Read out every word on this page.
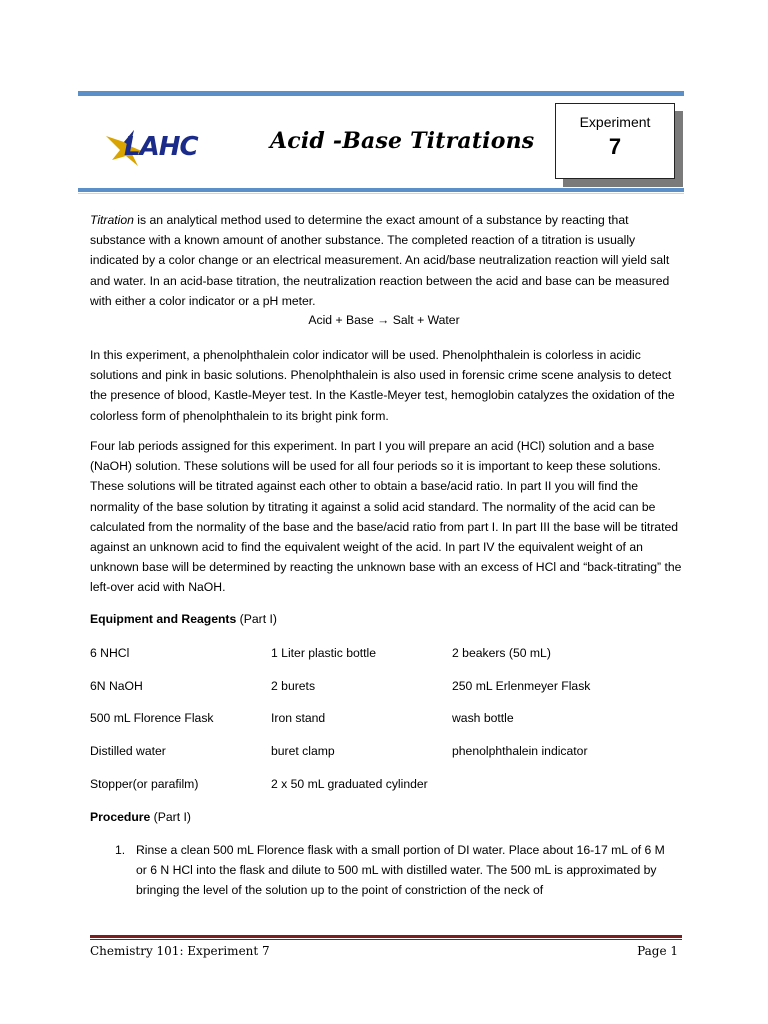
LAHC	Acid -Base Titrations
Experiment
7

Titration is an analytical method used to determine the exact amount of a substance by reacting that substance with a known amount of another substance. The completed reaction of a titration is usually indicated by a color change or an electrical measurement. An acid/base neutralization reaction will yield salt and water. In an acid-base titration, the neutralization reaction between the acid and base can be measured with either a color indicator or a pH meter.

Acid + Base → Salt + Water

In this experiment, a phenolphthalein color indicator will be used. Phenolphthalein is colorless in acidic solutions and pink in basic solutions. Phenolphthalein is also used in forensic crime scene analysis to detect the presence of blood, Kastle-Meyer test. In the Kastle-Meyer test, hemoglobin catalyzes the oxidation of the colorless form of phenolphthalein to its bright pink form.

Four lab periods assigned for this experiment. In part I you will prepare an acid (HCl) solution and a base (NaOH) solution. These solutions will be used for all four periods so it is important to keep these solutions. These solutions will be titrated against each other to obtain a base/acid ratio. In part II you will find the normality of the base solution by titrating it against a solid acid standard. The normality of the acid can be calculated from the normality of the base and the base/acid ratio from part I. In part III the base will be titrated against an unknown acid to find the equivalent weight of the acid. In part IV the equivalent weight of an unknown base will be determined by reacting the unknown base with an excess of HCl and “back-titrating” the left-over acid with NaOH.

Equipment and Reagents (Part I)
6 NHCl	1 Liter plastic bottle	2 beakers (50 mL)
6N NaOH	2 burets	250 mL Erlenmeyer Flask
500 mL Florence Flask	Iron stand	wash bottle
Distilled water	buret clamp	phenolphthalein indicator
Stopper(or parafilm)	2 x 50 mL graduated cylinder
Procedure (Part I)
1. Rinse a clean 500 mL Florence flask with a small portion of DI water. Place about 16-17 mL of 6 M or 6 N HCl into the flask and dilute to 500 mL with distilled water. The 500 mL is approximated by bringing the level of the solution up to the point of constriction of the neck of
Chemistry 101: Experiment 7	Page 1
